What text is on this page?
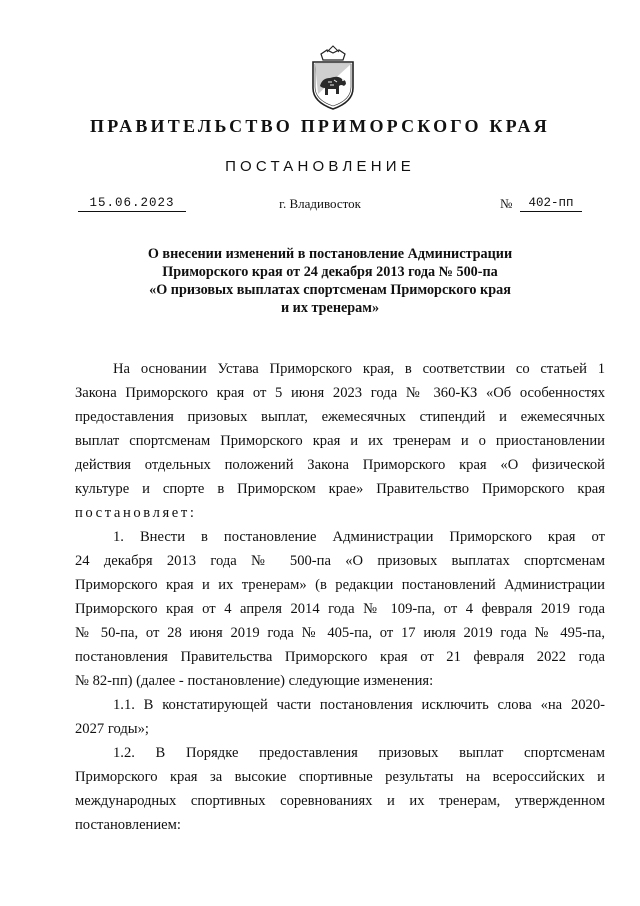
ПРАВИТЕЛЬСТВО ПРИМОРСКОГО КРАЯ
ПОСТАНОВЛЕНИЕ
15.06.2023	г. Владивосток	№	402-пп
О внесении изменений в постановление Администрации
Приморского края от 24 декабря 2013 года № 500-па
«О призовых выплатах спортсменам Приморского края
и их тренерам»

На основании Устава Приморского края, в соответствии со статьей 1

Закона Приморского края от 5 июня 2023 года № 360-КЗ «Об особенностях

предоставления призовых выплат, ежемесячных стипендий и ежемесячных

выплат спортсменам Приморского края и их тренерам и о приостановлении

действия отдельных положений Закона Приморского края «О физической

культуре и спорте в Приморском крае» Правительство Приморского края

постановляет:

1. Внести в постановление Администрации Приморского края от

24 декабря 2013 года № 500-па «О призовых выплатах спортсменам

Приморского края и их тренерам» (в редакции постановлений Администрации

Приморского края от 4 апреля 2014 года № 109-па, от 4 февраля 2019 года

№ 50-па, от 28 июня 2019 года № 405-па, от 17 июля 2019 года № 495-па,

постановления Правительства Приморского края от 21 февраля 2022 года

№ 82-пп) (далее - постановление) следующие изменения:

1.1. В констатирующей части постановления исключить слова «на 2020-

2027 годы»;

1.2. В Порядке предоставления призовых выплат спортсменам

Приморского края за высокие спортивные результаты на всероссийских и

международных спортивных соревнованиях и их тренерам, утвержденном

постановлением:
